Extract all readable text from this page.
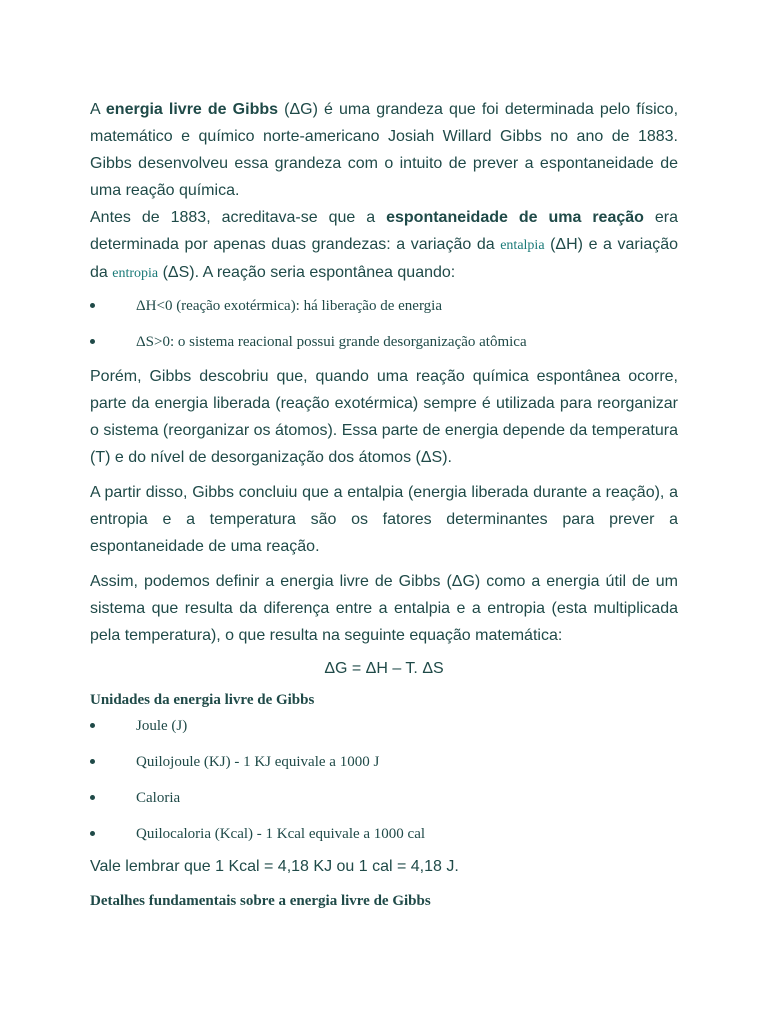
A energia livre de Gibbs (ΔG) é uma grandeza que foi determinada pelo físico, matemático e químico norte-americano Josiah Willard Gibbs no ano de 1883. Gibbs desenvolveu essa grandeza com o intuito de prever a espontaneidade de uma reação química.

Antes de 1883, acreditava-se que a espontaneidade de uma reação era determinada por apenas duas grandezas: a variação da entalpia (ΔH) e a variação da entropia (ΔS). A reação seria espontânea quando:

ΔH<0 (reação exotérmica): há liberação de energia
ΔS>0: o sistema reacional possui grande desorganização atômica

Porém, Gibbs descobriu que, quando uma reação química espontânea ocorre, parte da energia liberada (reação exotérmica) sempre é utilizada para reorganizar o sistema (reorganizar os átomos). Essa parte de energia depende da temperatura (T) e do nível de desorganização dos átomos (ΔS).

A partir disso, Gibbs concluiu que a entalpia (energia liberada durante a reação), a entropia e a temperatura são os fatores determinantes para prever a espontaneidade de uma reação.

Assim, podemos definir a energia livre de Gibbs (ΔG) como a energia útil de um sistema que resulta da diferença entre a entalpia e a entropia (esta multiplicada pela temperatura), o que resulta na seguinte equação matemática:

ΔG = ΔH – T. ΔS

Unidades da energia livre de Gibbs
Joule (J)
Quilojoule (KJ) - 1 KJ equivale a 1000 J
Caloria
Quilocaloria (Kcal) - 1 Kcal equivale a 1000 cal

Vale lembrar que 1 Kcal = 4,18 KJ ou 1 cal = 4,18 J.

Detalhes fundamentais sobre a energia livre de Gibbs
